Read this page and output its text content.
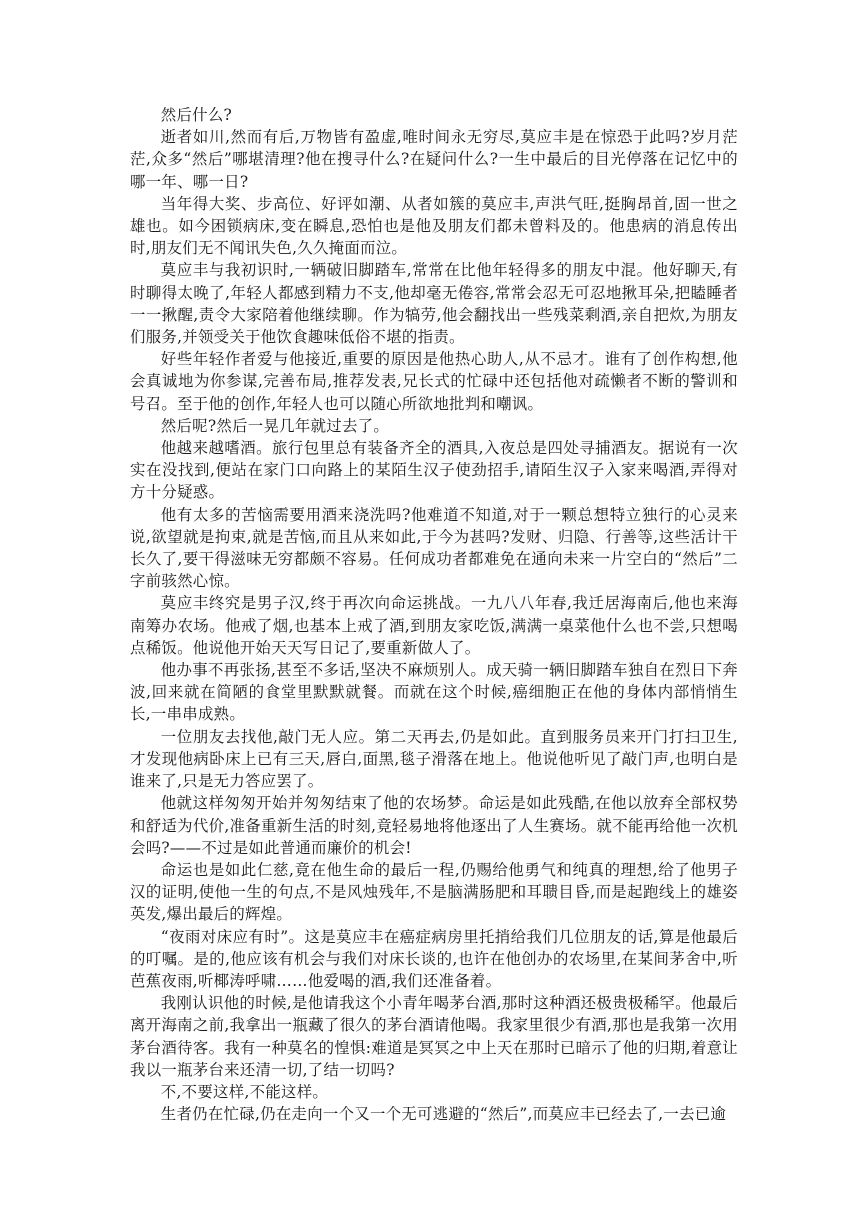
然后什么?

逝者如川,然而有后,万物皆有盈虚,唯时间永无穷尽,莫应丰是在惊恐于此吗?岁月茫茫,众多“然后”哪堪清理?他在搜寻什么?在疑问什么?一生中最后的目光停落在记忆中的哪一年、哪一日?

当年得大奖、步高位、好评如潮、从者如簇的莫应丰,声洪气旺,挺胸昂首,固一世之雄也。如今困锁病床,变在瞬息,恐怕也是他及朋友们都未曾料及的。他患病的消息传出时,朋友们无不闻讯失色,久久掩面而泣。

莫应丰与我初识时,一辆破旧脚踏车,常常在比他年轻得多的朋友中混。他好聊天,有时聊得太晚了,年轻人都感到精力不支,他却毫无倦容,常常会忍无可忍地揪耳朵,把瞌睡者一一揪醒,责令大家陪着他继续聊。作为犒劳,他会翻找出一些残菜剩酒,亲自把炊,为朋友们服务,并领受关于他饮食趣味低俗不堪的指责。

好些年轻作者爱与他接近,重要的原因是他热心助人,从不忌才。谁有了创作构想,他会真诚地为你参谋,完善布局,推荐发表,兄长式的忙碌中还包括他对疏懒者不断的警训和号召。至于他的创作,年轻人也可以随心所欲地批判和嘲讽。

然后呢?然后一晃几年就过去了。

他越来越嗜酒。旅行包里总有装备齐全的酒具,入夜总是四处寻捕酒友。据说有一次实在没找到,便站在家门口向路上的某陌生汉子使劲招手,请陌生汉子入家来喝酒,弄得对方十分疑惑。

他有太多的苦恼需要用酒来浇洗吗?他难道不知道,对于一颗总想特立独行的心灵来说,欲望就是拘束,就是苦恼,而且从来如此,于今为甚吗?发财、归隐、行善等,这些活计干长久了,要干得滋味无穷都颇不容易。任何成功者都难免在通向未来一片空白的“然后”二字前骇然心惊。

莫应丰终究是男子汉,终于再次向命运挑战。一九八八年春,我迁居海南后,他也来海南筹办农场。他戒了烟,也基本上戒了酒,到朋友家吃饭,满满一桌菜他什么也不尝,只想喝点稀饭。他说他开始天天写日记了,要重新做人了。

他办事不再张扬,甚至不多话,坚决不麻烦别人。成天骑一辆旧脚踏车独自在烈日下奔波,回来就在简陋的食堂里默默就餐。而就在这个时候,癌细胞正在他的身体内部悄悄生长,一串串成熟。

一位朋友去找他,敲门无人应。第二天再去,仍是如此。直到服务员来开门打扫卫生,才发现他病卧床上已有三天,唇白,面黑,毯子滑落在地上。他说他听见了敲门声,也明白是谁来了,只是无力答应罢了。

他就这样匆匆开始并匆匆结束了他的农场梦。命运是如此残酷,在他以放弃全部权势和舒适为代价,准备重新生活的时刻,竟轻易地将他逐出了人生赛场。就不能再给他一次机会吗?——不过是如此普通而廉价的机会!

命运也是如此仁慈,竟在他生命的最后一程,仍赐给他勇气和纯真的理想,给了他男子汉的证明,使他一生的句点,不是风烛残年,不是脑满肠肥和耳聩目昏,而是起跑线上的雄姿英发,爆出最后的辉煌。

“夜雨对床应有时”。这是莫应丰在癌症病房里托捎给我们几位朋友的话,算是他最后的叮嘱。是的,他应该有机会与我们对床长谈的,也许在他创办的农场里,在某间茅舍中,听芭蕉夜雨,听椰涛呼啸……他爱喝的酒,我们还准备着。

我刚认识他的时候,是他请我这个小青年喝茅台酒,那时这种酒还极贵极稀罕。他最后离开海南之前,我拿出一瓶藏了很久的茅台酒请他喝。我家里很少有酒,那也是我第一次用茅台酒待客。我有一种莫名的惶惧:难道是冥冥之中上天在那时已暗示了他的归期,着意让我以一瓶茅台来还清一切,了结一切吗?

不,不要这样,不能这样。

生者仍在忙碌,仍在走向一个又一个无可逃避的“然后”,而莫应丰已经去了,一去已逾
